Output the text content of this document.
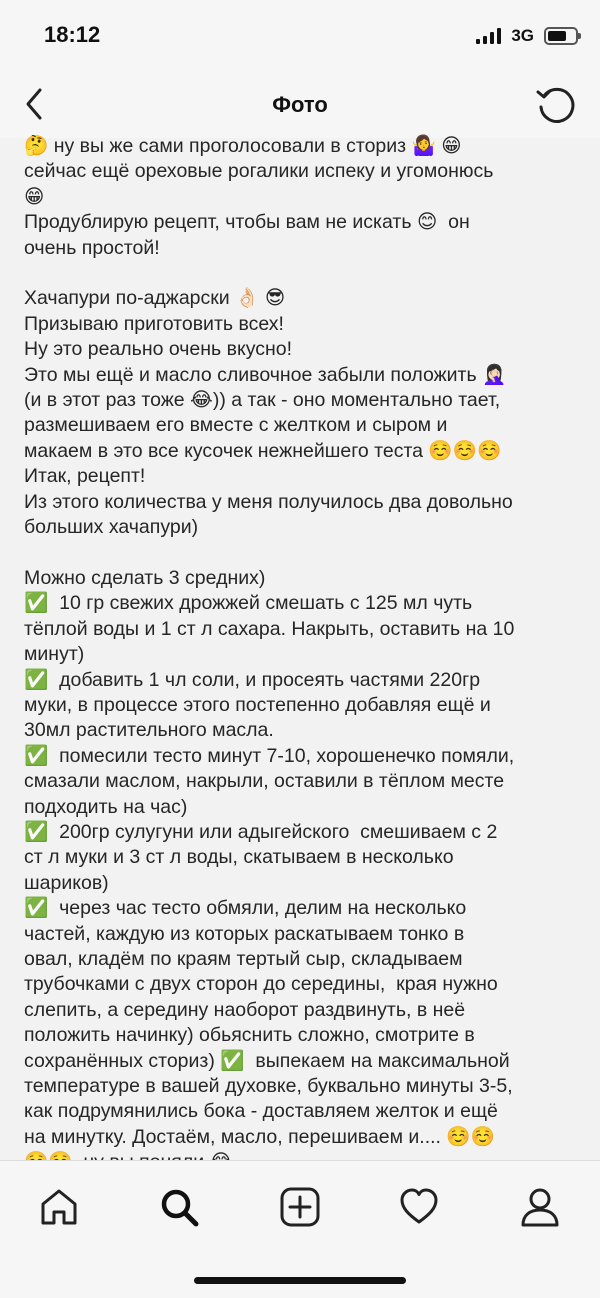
18:12	3G
Фото
🤔 ну вы же сами проголосовали в сториз 🤷‍♀️ 😁
сейчас ещё ореховые рогалики испеку и угомонюсь
😁
Продублирую рецепт, чтобы вам не искать 😊  он
очень простой!

Хачапури по-аджарски 👌🏻 😎
Призываю приготовить всех!
Ну это реально очень вкусно!
Это мы ещё и масло сливочное забыли положить 🤦🏻‍♀️
(и в этот раз тоже 😂)) а так - оно моментально тает,
размешиваем его вместе с желтком и сыром и
макаем в это все кусочек нежнейшего теста ☺️☺️☺️
Итак, рецепт!
Из этого количества у меня получилось два довольно
больших хачапури)

Можно сделать 3 средних)
✅  10 гр свежих дрожжей смешать с 125 мл чуть
тёплой воды и 1 ст л сахара. Накрыть, оставить на 10
минут)
✅  добавить 1 чл соли, и просеять частями 220гр
муки, в процессе этого постепенно добавляя ещё и
30мл растительного масла.
✅  помесили тесто минут 7-10, хорошенечко помяли,
смазали маслом, накрыли, оставили в тёплом месте
подходить на час)
✅  200гр сулугуни или адыгейского  смешиваем с 2
ст л муки и 3 ст л воды, скатываем в несколько
шариков)
✅  через час тесто обмяли, делим на несколько
частей, каждую из которых раскатываем тонко в
овал, кладём по краям тертый сыр, складываем
трубочками с двух сторон до середины,  края нужно
слепить, а середину наоборот раздвинуть, в неё
положить начинку) обьяснить сложно, смотрите в
сохранённых сториз) ✅  выпекаем на максимальной
температуре в вашей духовке, буквально минуты 3-5,
как подрумянились бока - доставляем желток и ещё
на минутку. Достаём, масло, перешиваем и.... ☺️☺️
